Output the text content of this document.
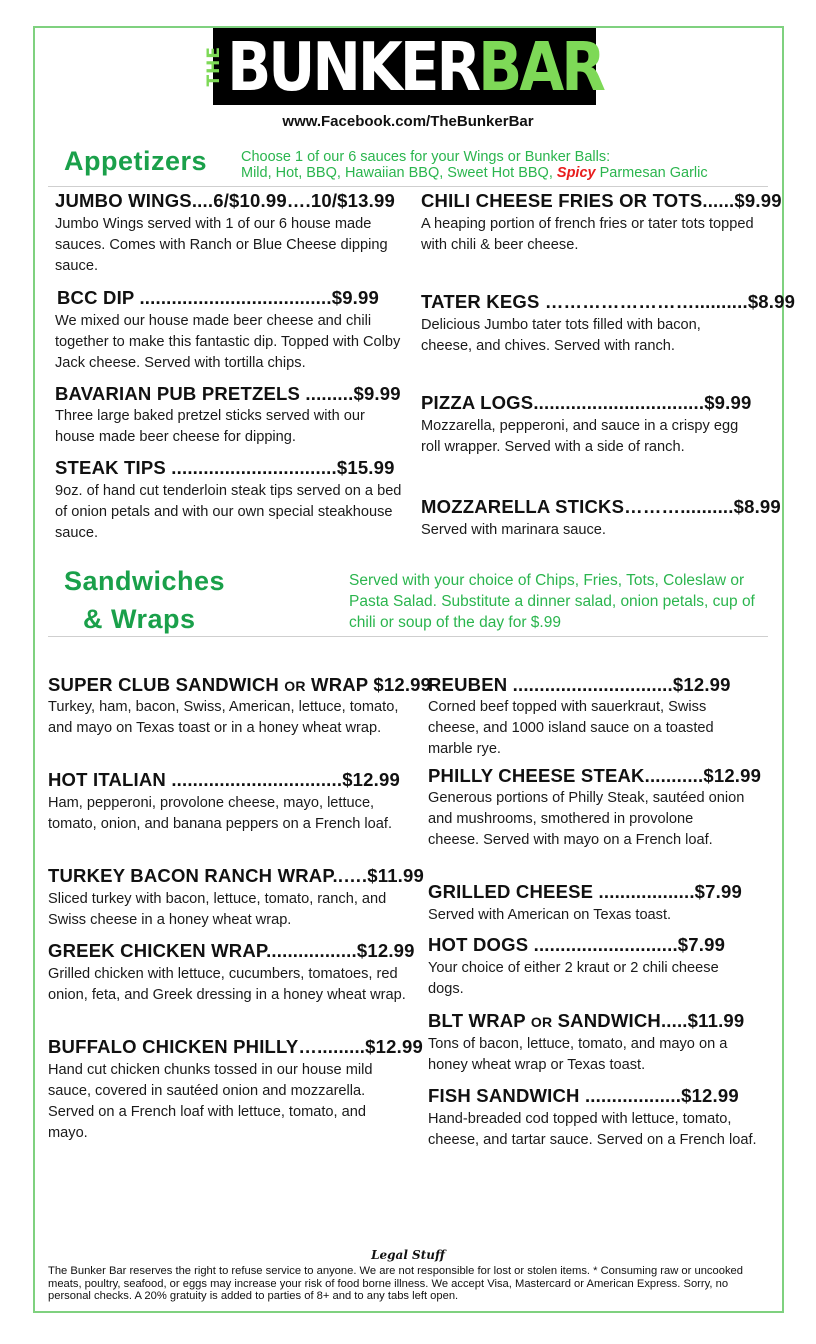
THE BUNKER BAR
www.Facebook.com/TheBunkerBar
Appetizers Choose 1 of our 6 sauces for your Wings or Bunker Balls:
Mild, Hot, BBQ, Hawaiian BBQ, Sweet Hot BBQ, Spicy Parmesan Garlic
JUMBO WINGS....6/$10.99….10/$13.99
Jumbo Wings served with 1 of our 6 house made sauces. Comes with Ranch or Blue Cheese dipping sauce.
BCC DIP ....................................$9.99
We mixed our house made beer cheese and chili together to make this fantastic dip. Topped with Colby Jack cheese. Served with tortilla chips.
BAVARIAN PUB PRETZELS .........$9.99
Three large baked pretzel sticks served with our house made beer cheese for dipping.
STEAK TIPS ...............................$15.99
9oz. of hand cut tenderloin steak tips served on a bed of onion petals and with our own special steakhouse sauce.
CHILI CHEESE FRIES OR TOTS......$9.99
A heaping portion of french fries or tater tots topped with chili & beer cheese.
TATER KEGS ……………………..........$8.99
Delicious Jumbo tater tots filled with bacon, cheese, and chives. Served with ranch.
PIZZA LOGS................................$9.99
Mozzarella, pepperoni, and sauce in a crispy egg roll wrapper. Served with a side of ranch.
MOZZARELLA STICKS………..........$8.99
Served with marinara sauce.
Sandwiches
& Wraps
Served with your choice of Chips, Fries, Tots, Coleslaw or Pasta Salad. Substitute a dinner salad, onion petals, cup of chili or soup of the day for $.99
SUPER CLUB SANDWICH OR WRAP $12.99
Turkey, ham, bacon, Swiss, American, lettuce, tomato, and mayo on Texas toast or in a honey wheat wrap.
HOT ITALIAN ................................$12.99
Ham, pepperoni, provolone cheese, mayo, lettuce, tomato, onion, and banana peppers on a French loaf.
TURKEY BACON RANCH WRAP..….$11.99
Sliced turkey with bacon, lettuce, tomato, ranch, and Swiss cheese in a honey wheat wrap.
GREEK CHICKEN WRAP.................$12.99
Grilled chicken with lettuce, cucumbers, tomatoes, red onion, feta, and Greek dressing in a honey wheat wrap.
BUFFALO CHICKEN PHILLY….........$12.99
Hand cut chicken chunks tossed in our house mild sauce, covered in sautéed onion and mozzarella. Served on a French loaf with lettuce, tomato, and mayo.
REUBEN ..............................$12.99
Corned beef topped with sauerkraut, Swiss cheese, and 1000 island sauce on a toasted marble rye.
PHILLY CHEESE STEAK...........$12.99
Generous portions of Philly Steak, sautéed onion and mushrooms, smothered in provolone cheese. Served with mayo on a French loaf.
GRILLED CHEESE ..................$7.99
Served with American on Texas toast.
HOT DOGS ...........................$7.99
Your choice of either 2 kraut or 2 chili cheese dogs.
BLT WRAP OR SANDWICH.....$11.99
Tons of bacon, lettuce, tomato, and mayo on a honey wheat wrap or Texas toast.
FISH SANDWICH ..................$12.99
Hand-breaded cod topped with lettuce, tomato, cheese, and tartar sauce. Served on a French loaf.
Legal Stuff
The Bunker Bar reserves the right to refuse service to anyone. We are not responsible for lost or stolen items. * Consuming raw or uncooked meats, poultry, seafood, or eggs may increase your risk of food borne illness. We accept Visa, Mastercard or American Express. Sorry, no personal checks. A 20% gratuity is added to parties of 8+ and to any tabs left open.
